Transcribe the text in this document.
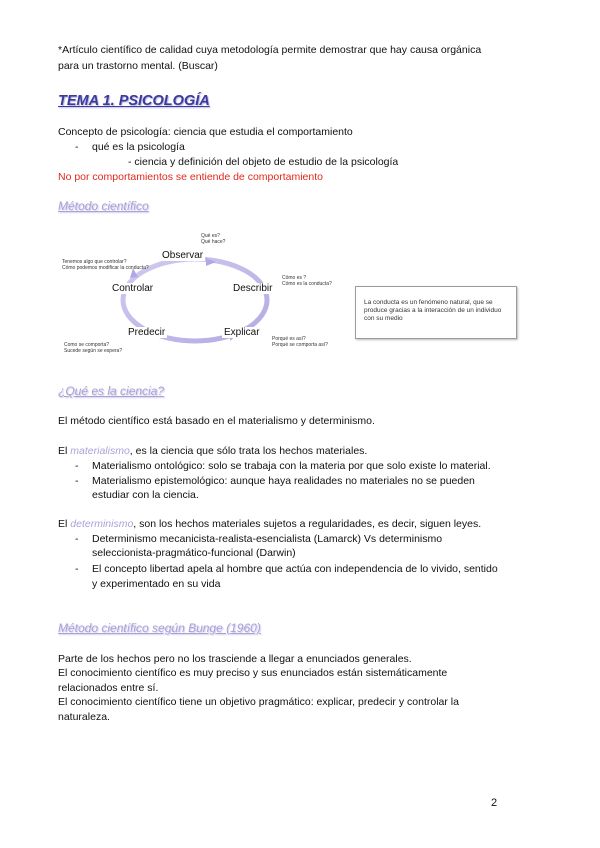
*Artículo científico de calidad cuya metodología permite demostrar que hay causa orgánica
para un trastorno mental. (Buscar)
TEMA 1. PSICOLOGÍA
Concepto de psicología: ciencia que estudia el comportamiento
- qué es la psicología
- ciencia y definición del objeto de estudio de la psicología
No por comportamientos se entiende de comportamiento
Método científico
Observar
Describir
Explicar
Predecir
Controlar
Qué es?
Qué hace?
Cómo es ?
Cómo es la conducta?
Porqué es así?
Porqué se comporta así?
Como se comporta?
Sucede según se espera?
Tenemos algo que controlar?
Cómo podemos modificar la conducta?
La conducta es un fenómeno natural, que se produce gracias a la interacción de un individuo con su medio
¿Qué es la ciencia?
El método científico está basado en el materialismo y determinismo.
El materialismo, es la ciencia que sólo trata los hechos materiales.
- Materialismo ontológico: solo se trabaja con la materia por que solo existe lo material.
- Materialismo epistemológico: aunque haya realidades no materiales no se pueden
estudiar con la ciencia.
El determinismo, son los hechos materiales sujetos a regularidades, es decir, siguen leyes.
- Determinismo mecanicista-realista-esencialista (Lamarck) Vs determinismo
seleccionista-pragmático-funcional (Darwin)
- El concepto libertad apela al hombre que actúa con independencia de lo vivido, sentido
y experimentado en su vida
Método científico según Bunge (1960)
Parte de los hechos pero no los trasciende a llegar a enunciados generales.
El conocimiento científico es muy preciso y sus enunciados están sistemáticamente
relacionados entre sí.
El conocimiento científico tiene un objetivo pragmático: explicar, predecir y controlar la
naturaleza.
2
